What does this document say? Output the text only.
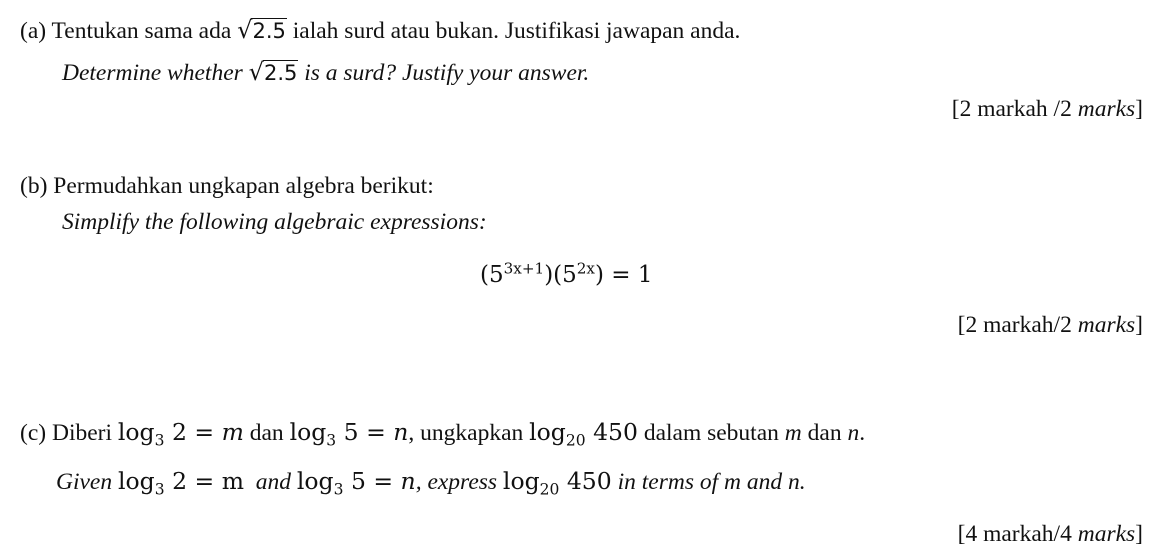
(a) Tentukan sama ada √2.5 ialah surd atau bukan. Justifikasi jawapan anda.
Determine whether √2.5 is a surd? Justify your answer.
[2 markah /2 marks]
(b) Permudahkan ungkapan algebra berikut:
Simplify the following algebraic expressions:
$(5^{3x+1})(5^{2x}) = 1$
[2 markah/2 marks]
(c) Diberi $\log_3 2 = m$ dan $\log_3 5 = n$, ungkapkan $\log_{20} 450$ dalam sebutan m dan n.
Given $\log_3 2 = m$ and $\log_3 5 = n$, express $\log_{20} 450$ in terms of m and n.
[4 markah/4 marks]
